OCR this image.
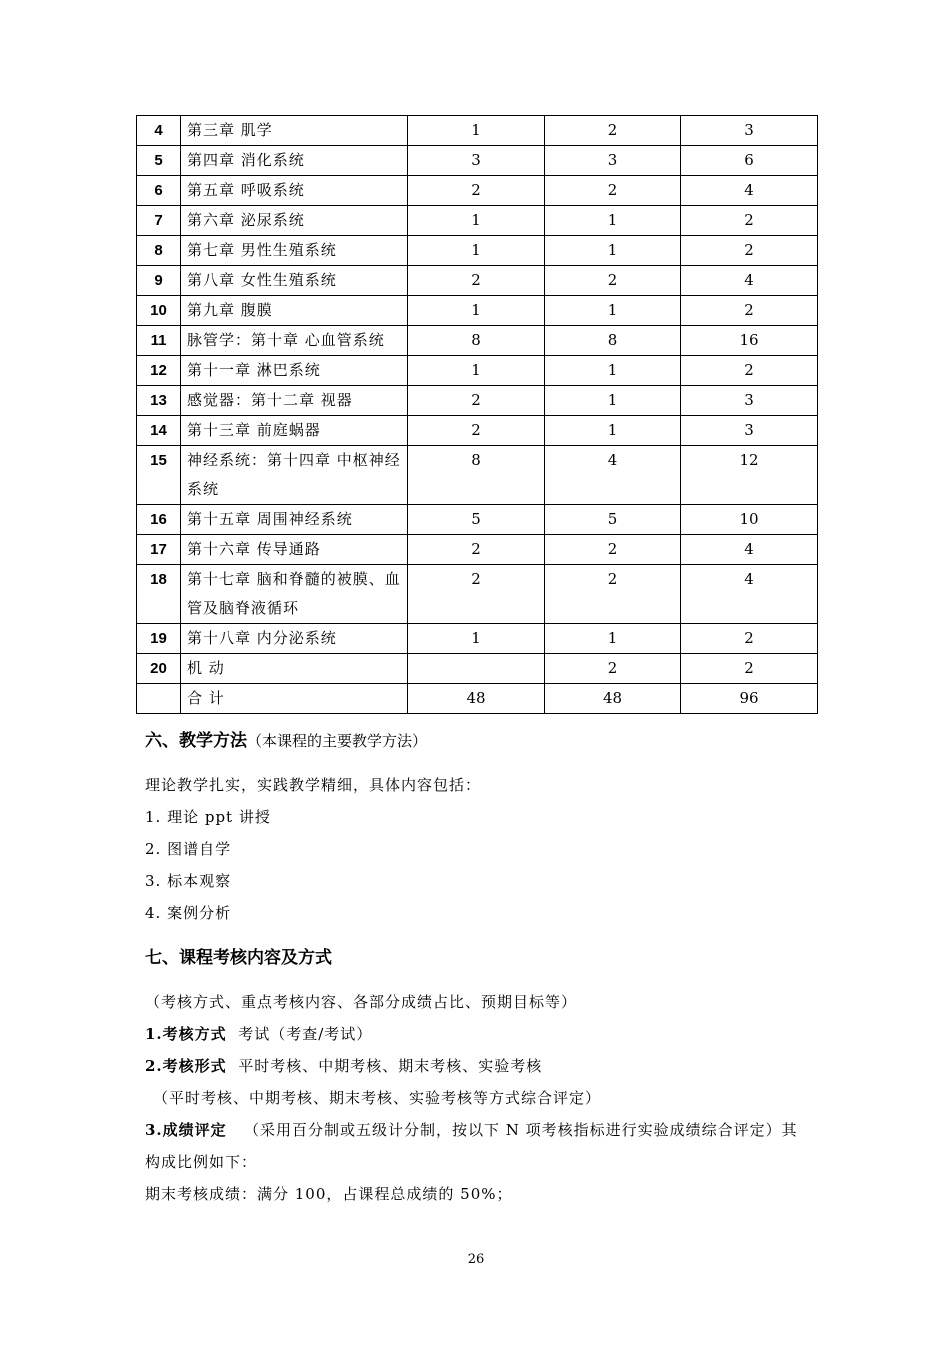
4	第三章 肌学	1	2	3
5	第四章 消化系统	3	3	6
6	第五章 呼吸系统	2	2	4
7	第六章 泌尿系统	1	1	2
8	第七章 男性生殖系统	1	1	2
9	第八章 女性生殖系统	2	2	4
10	第九章 腹膜	1	1	2
11	脉管学：第十章 心血管系统	8	8	16
12	第十一章 淋巴系统	1	1	2
13	感觉器：第十二章 视器	2	1	3
14	第十三章 前庭蜗器	2	1	3
15	神经系统：第十四章 中枢神经系统	8	4	12
16	第十五章 周围神经系统	5	5	10
17	第十六章 传导通路	2	2	4
18	第十七章 脑和脊髓的被膜、血管及脑脊液循环	2	2	4
19	第十八章 内分泌系统	1	1	2
20	机 动		2	2
	合 计	48	48	96
六、教学方法（本课程的主要教学方法）
理论教学扎实，实践教学精细，具体内容包括：
1. 理论 ppt 讲授
2. 图谱自学
3. 标本观察
4. 案例分析
七、课程考核内容及方式
（考核方式、重点考核内容、各部分成绩占比、预期目标等）
1.考核方式 考试（考查/考试）
2.考核形式 平时考核、中期考核、期末考核、实验考核
（平时考核、中期考核、期末考核、实验考核等方式综合评定）
3.成绩评定 （采用百分制或五级计分制，按以下 N 项考核指标进行实验成绩综合评定）其
构成比例如下：
期末考核成绩：满分 100，占课程总成绩的 50%；
26
